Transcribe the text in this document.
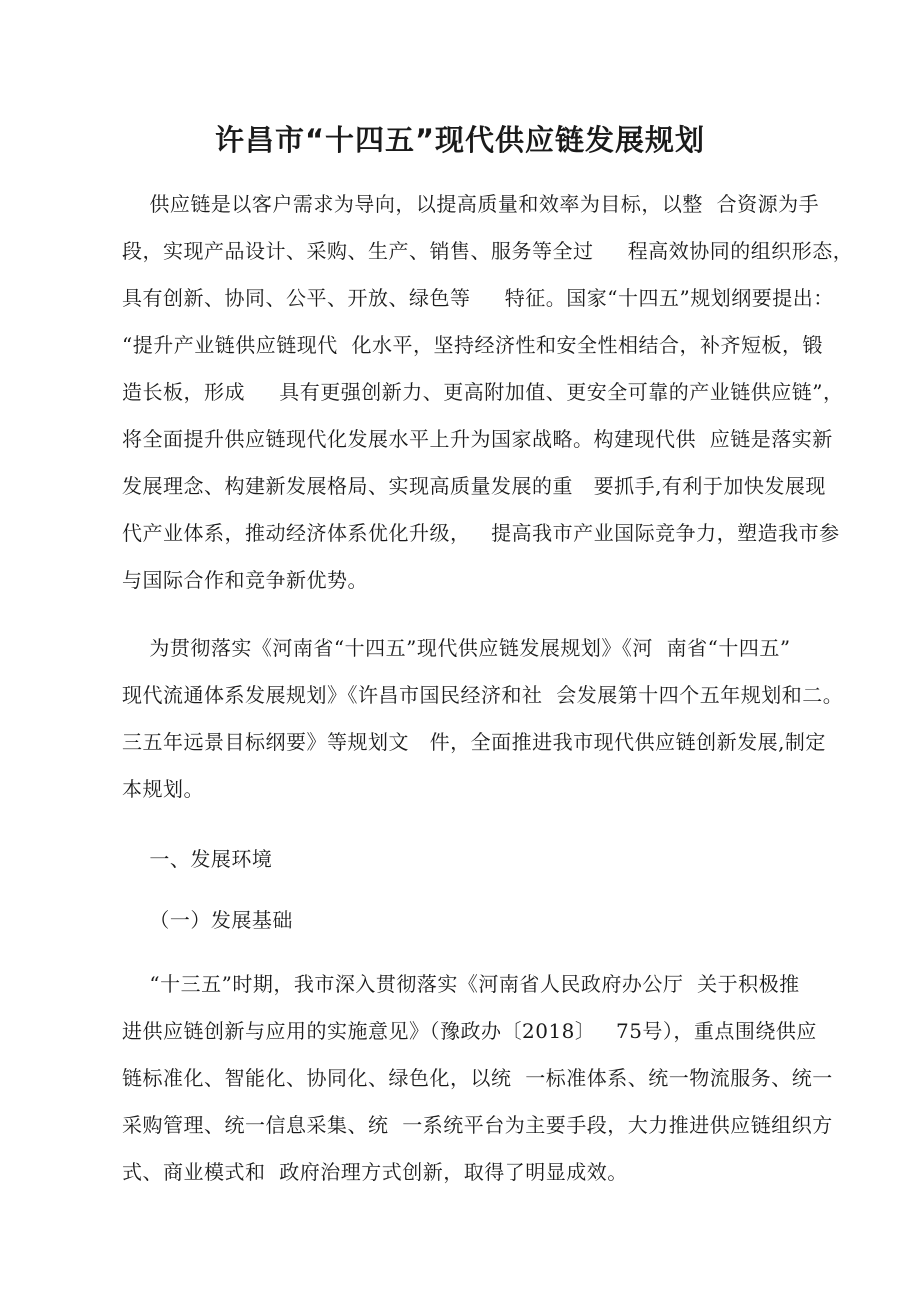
许昌市“十四五”现代供应链发展规划
供应链是以客户需求为导向，以提高质量和效率为目标，以整  合资源为手
段，实现产品设计、采购、生产、销售、服务等全过     程高效协同的组织形态，
具有创新、协同、公平、开放、绿色等     特征。国家“十四五”规划纲要提出：
“提升产业链供应链现代  化水平，坚持经济性和安全性相结合，补齐短板，锻
造长板，形成     具有更强创新力、更高附加值、更安全可靠的产业链供应链”，
将全面提升供应链现代化发展水平上升为国家战略。构建现代供  应链是落实新
发展理念、构建新发展格局、实现高质量发展的重   要抓手,有利于加快发展现
代产业体系，推动经济体系优化升级，   提高我市产业国际竞争力，塑造我市参
与国际合作和竞争新优势。
为贯彻落实《河南省“十四五”现代供应链发展规划》《河  南省“十四五”
现代流通体系发展规划》《许昌市国民经济和社  会发展第十四个五年规划和二。
三五年远景目标纲要》等规划文   件，全面推进我市现代供应链创新发展,制定
本规划。
一、发展环境
（一）发展基础
“十三五”时期，我市深入贯彻落实《河南省人民政府办公厅  关于积极推
进供应链创新与应用的实施意见》（豫政办〔2018〕   75号），重点围绕供应
链标准化、智能化、协同化、绿色化，以统  一标准体系、统一物流服务、统一
采购管理、统一信息采集、统  一系统平台为主要手段，大力推进供应链组织方
式、商业模式和  政府治理方式创新，取得了明显成效。
